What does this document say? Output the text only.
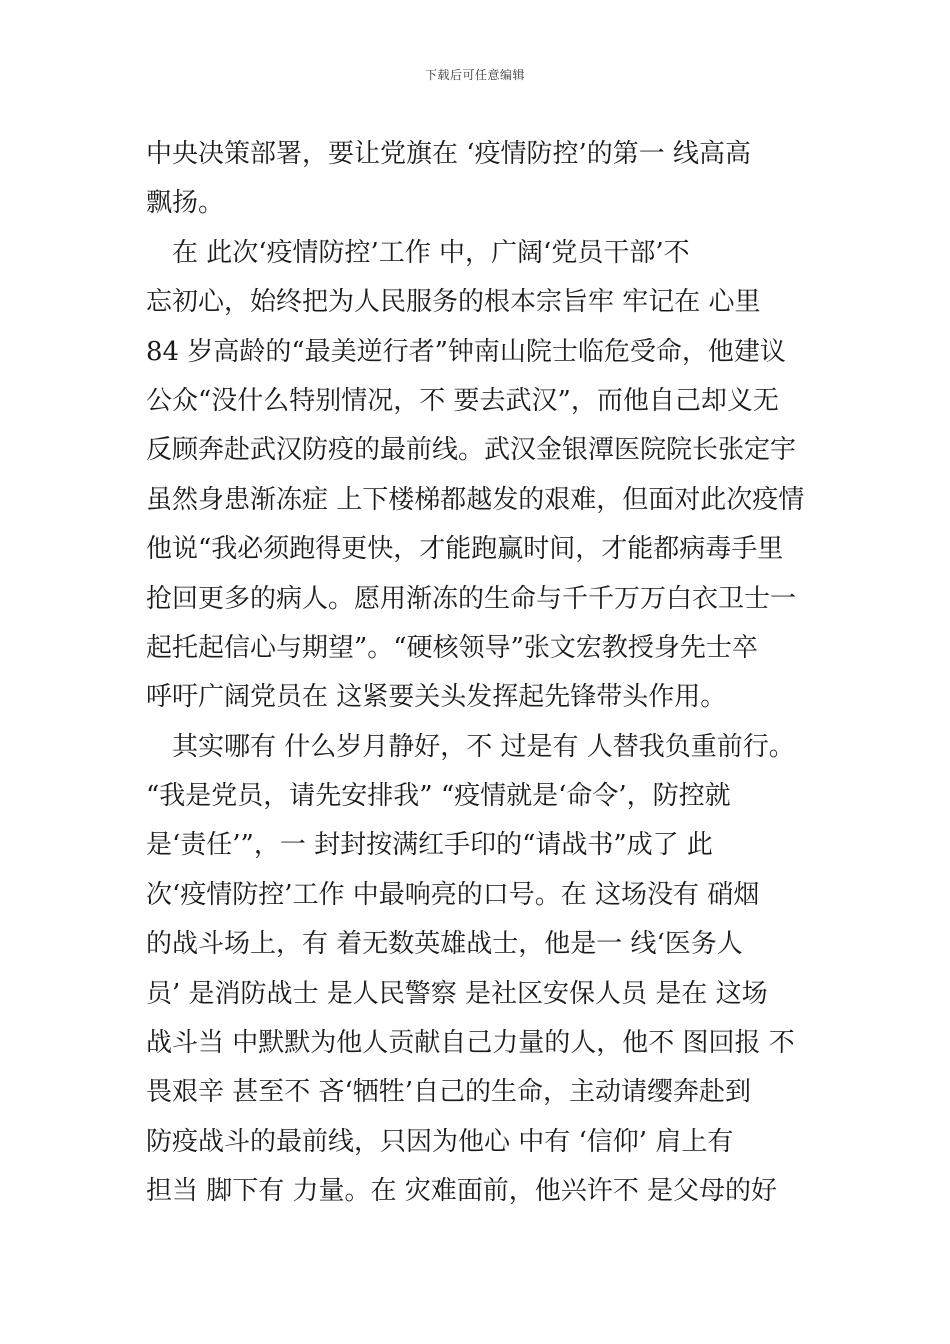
下载后可任意编辑
中央决策部署，要让党旗在 ‘疫情防控’的第一 线高高
飘扬。
　在 此次‘疫情防控’工作 中，广阔‘党员干部’不
忘初心，始终把为人民服务的根本宗旨牢 牢记在 心里
84 岁高龄的“最美逆行者”钟南山院士临危受命，他建议
公众“没什么特别情况，不 要去武汉”，而他自己却义无
反顾奔赴武汉防疫的最前线。武汉金银潭医院院长张定宇
虽然身患渐冻症 上下楼梯都越发的艰难，但面对此次疫情
他说“我必须跑得更快，才能跑赢时间，才能都病毒手里
抢回更多的病人。愿用渐冻的生命与千千万万白衣卫士一
起托起信心与期望”。“硬核领导”张文宏教授身先士卒
呼吁广阔党员在 这紧要关头发挥起先锋带头作用。
　其实哪有 什么岁月静好，不 过是有 人替我负重前行。
“我是党员，请先安排我” “疫情就是‘命令’，防控就
是‘责任’”，一 封封按满红手印的“请战书”成了 此
次‘疫情防控’工作 中最响亮的口号。在 这场没有 硝烟
的战斗场上，有 着无数英雄战士，他是一 线‘医务人
员’ 是消防战士 是人民警察 是社区安保人员 是在 这场
战斗当 中默默为他人贡献自己力量的人，他不 图回报 不
畏艰辛 甚至不 吝‘牺牲’自己的生命，主动请缨奔赴到
防疫战斗的最前线，只因为他心 中有 ‘信仰’ 肩上有
担当 脚下有 力量。在 灾难面前，他兴许不 是父母的好
